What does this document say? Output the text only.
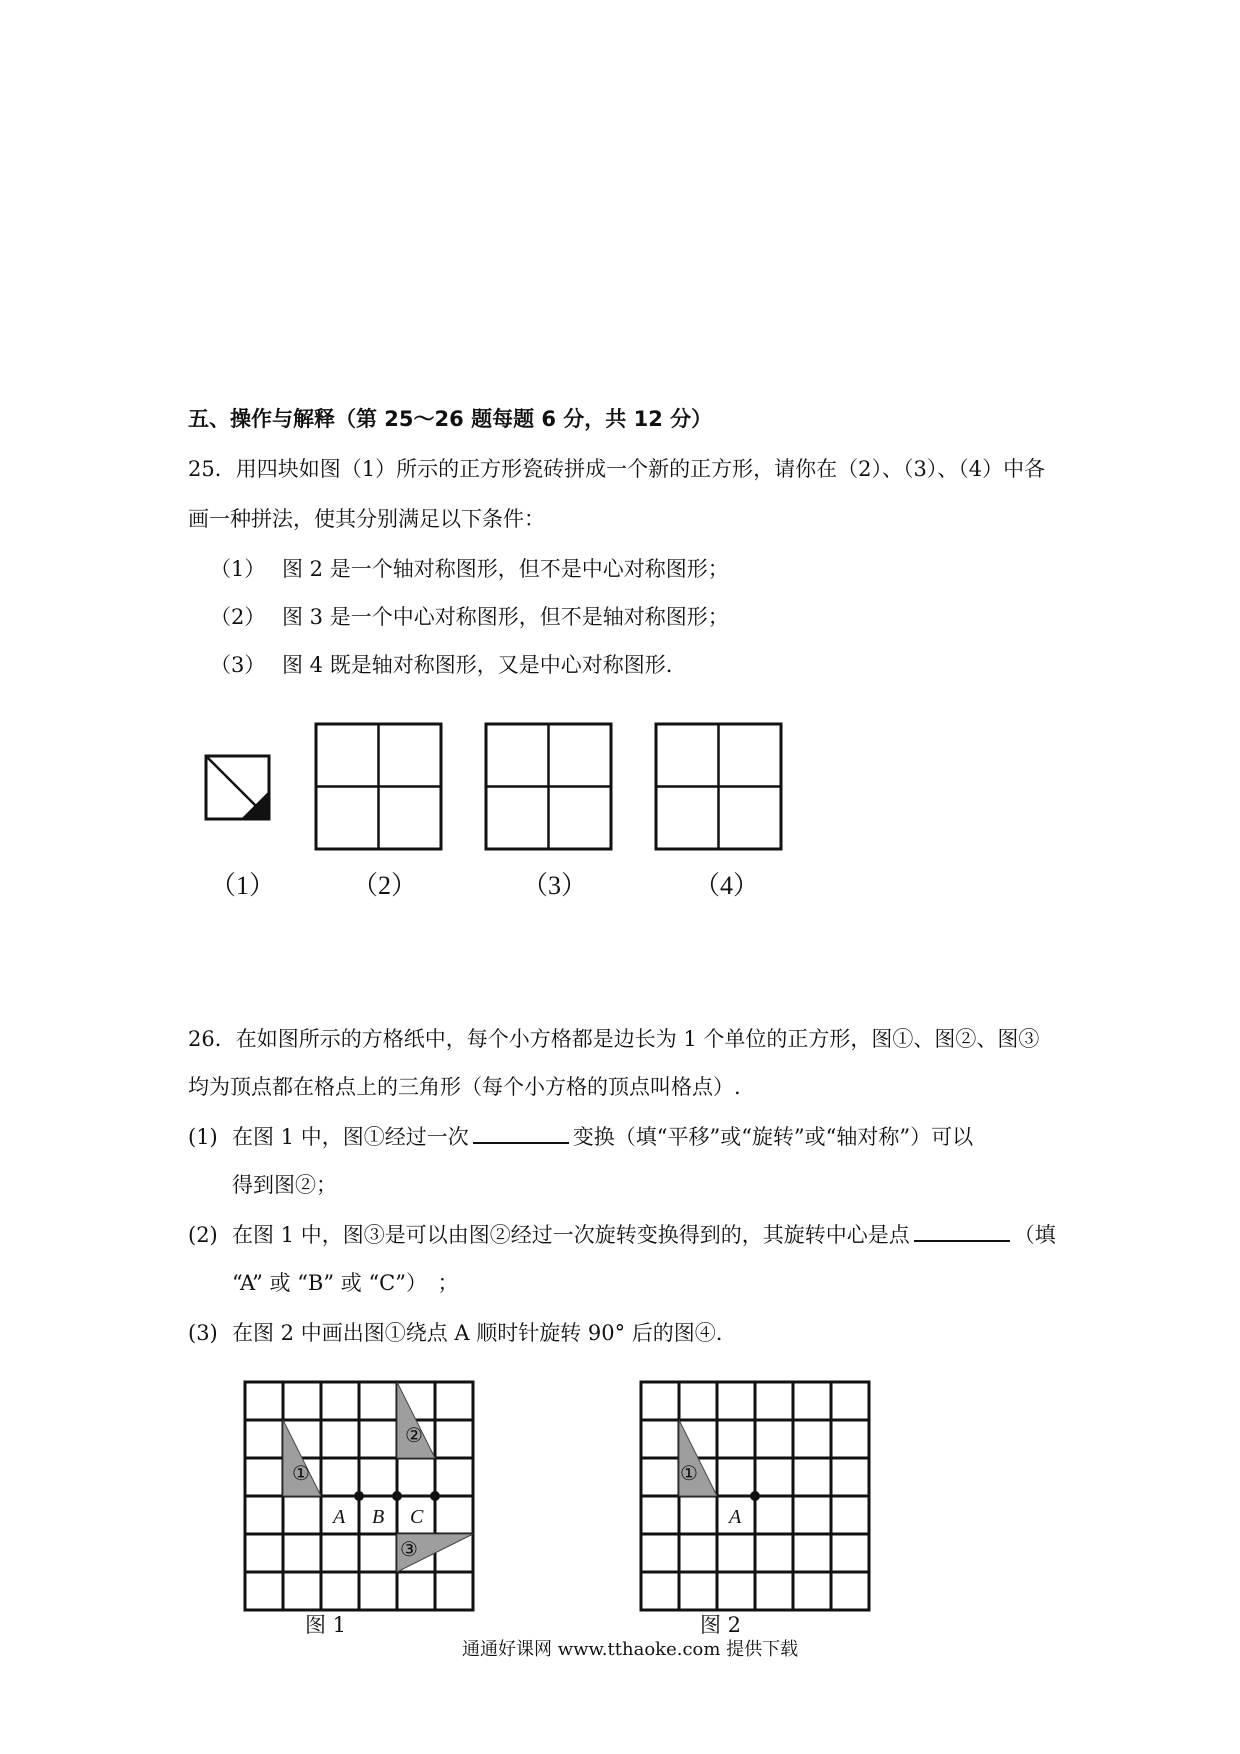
五、操作与解释（第 25～26 题每题 6 分，共 12 分）
25．用四块如图（1）所示的正方形瓷砖拼成一个新的正方形，请你在（2）、（3）、（4）中各
画一种拼法，使其分别满足以下条件：
（1） 图 2 是一个轴对称图形，但不是中心对称图形；
（2） 图 3 是一个中心对称图形，但不是轴对称图形；
（3） 图 4 既是轴对称图形，又是中心对称图形.
（1）	（2）	（3）	（4）
26．在如图所示的方格纸中，每个小方格都是边长为 1 个单位的正方形，图①、图②、图③
均为顶点都在格点上的三角形（每个小方格的顶点叫格点）.
(1) 在图 1 中，图①经过一次	变换（填“平移”或“旋转”或“轴对称”）可以
得到图②；
(2) 在图 1 中，图③是可以由图②经过一次旋转变换得到的，其旋转中心是点	（填
“A” 或 “B” 或 “C”）　；
(3) 在图 2 中画出图①绕点 A 顺时针旋转 90° 后的图④.
①
②
③
A B C
①
A
图 1	图 2
通通好课网 www.tthaoke.com 提供下载
